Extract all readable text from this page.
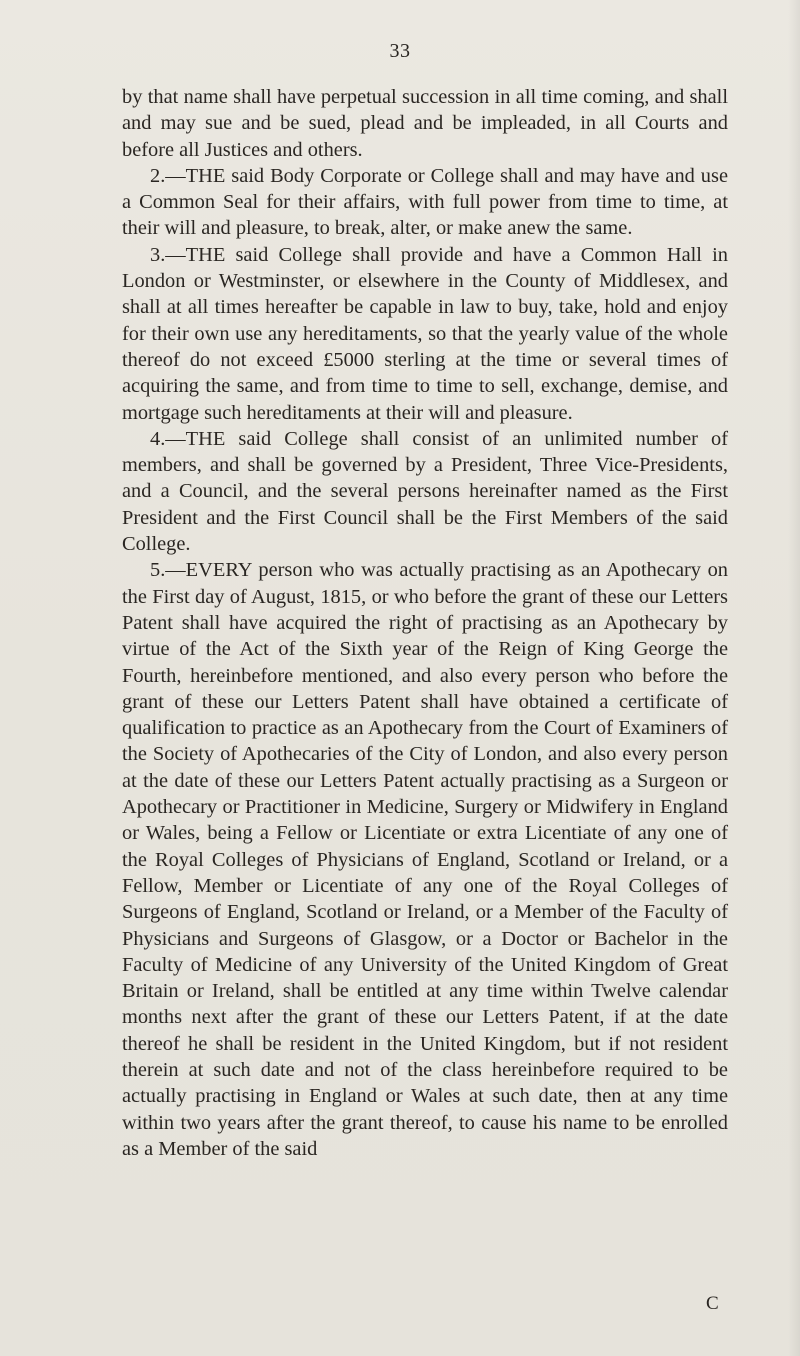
33

by that name shall have perpetual succession in all time coming, and shall and may sue and be sued, plead and be impleaded, in all Courts and before all Justices and others.

2.—THE said Body Corporate or College shall and may have and use a Common Seal for their affairs, with full power from time to time, at their will and pleasure, to break, alter, or make anew the same.

3.—THE said College shall provide and have a Common Hall in London or Westminster, or elsewhere in the County of Middlesex, and shall at all times hereafter be capable in law to buy, take, hold and enjoy for their own use any hereditaments, so that the yearly value of the whole thereof do not exceed £5000 sterling at the time or several times of acquiring the same, and from time to time to sell, exchange, demise, and mortgage such hereditaments at their will and pleasure.

4.—THE said College shall consist of an unlimited number of members, and shall be governed by a President, Three Vice-Presidents, and a Council, and the several persons hereinafter named as the First President and the First Council shall be the First Members of the said College.

5.—EVERY person who was actually practising as an Apothecary on the First day of August, 1815, or who before the grant of these our Letters Patent shall have acquired the right of practising as an Apothecary by virtue of the Act of the Sixth year of the Reign of King George the Fourth, hereinbefore mentioned, and also every person who before the grant of these our Letters Patent shall have obtained a certificate of qualification to practice as an Apothecary from the Court of Examiners of the Society of Apothecaries of the City of London, and also every person at the date of these our Letters Patent actually practising as a Surgeon or Apothecary or Practitioner in Medicine, Surgery or Midwifery in England or Wales, being a Fellow or Licentiate or extra Licentiate of any one of the Royal Colleges of Physicians of England, Scotland or Ireland, or a Fellow, Member or Licentiate of any one of the Royal Colleges of Surgeons of England, Scotland or Ireland, or a Member of the Faculty of Physicians and Surgeons of Glasgow, or a Doctor or Bachelor in the Faculty of Medicine of any University of the United Kingdom of Great Britain or Ireland, shall be entitled at any time within Twelve calendar months next after the grant of these our Letters Patent, if at the date thereof he shall be resident in the United Kingdom, but if not resident therein at such date and not of the class hereinbefore required to be actually practising in England or Wales at such date, then at any time within two years after the grant thereof, to cause his name to be enrolled as a Member of the said

C
